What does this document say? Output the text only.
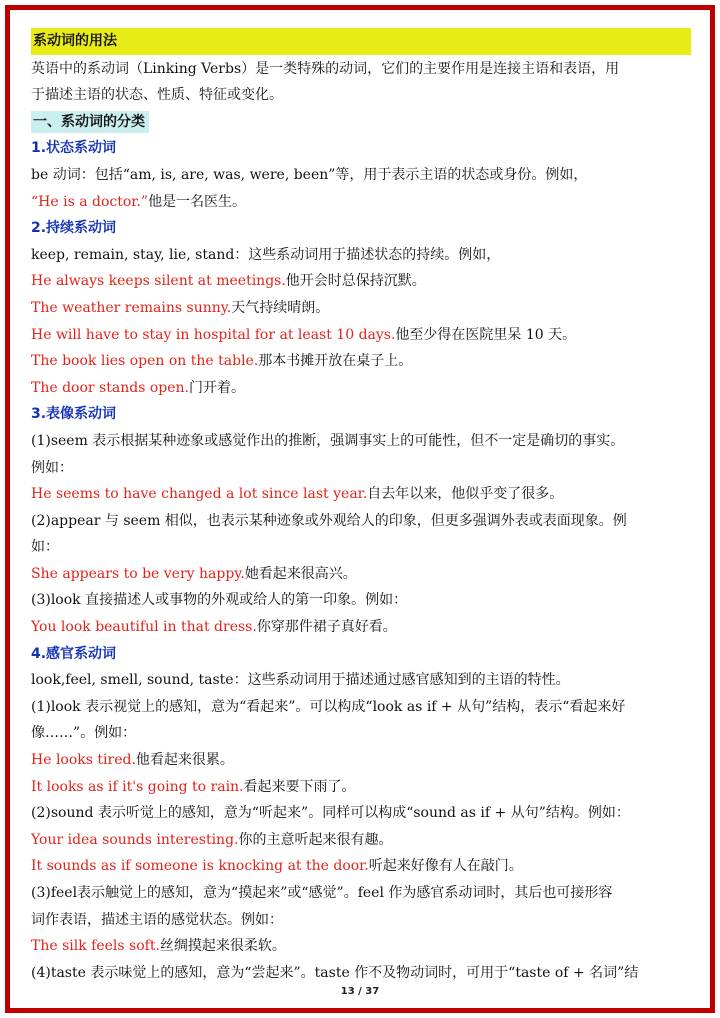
系动词的用法
英语中的系动词（Linking Verbs）是一类特殊的动词，它们的主要作用是连接主语和表语，用
于描述主语的状态、性质、特征或变化。
一、系动词的分类
1.状态系动词
be 动词：包括“am, is, are, was, were, been”等，用于表示主语的状态或身份。例如，
“He is a doctor.”他是一名医生。
2.持续系动词
keep, remain, stay, lie, stand：这些系动词用于描述状态的持续。例如，
He always keeps silent at meetings.他开会时总保持沉默。
The weather remains sunny.天气持续晴朗。
He will have to stay in hospital for at least 10 days.他至少得在医院里呆 10 天。
The book lies open on the table.那本书摊开放在桌子上。
The door stands open.门开着。
3.表像系动词
(1)seem 表示根据某种迹象或感觉作出的推断，强调事实上的可能性，但不一定是确切的事实。
例如：
He seems to have changed a lot since last year.自去年以来，他似乎变了很多。
(2)appear 与 seem 相似，也表示某种迹象或外观给人的印象，但更多强调外表或表面现象。例
如：
She appears to be very happy.她看起来很高兴。
(3)look 直接描述人或事物的外观或给人的第一印象。例如：
You look beautiful in that dress.你穿那件裙子真好看。
4.感官系动词
look,feel, smell, sound, taste：这些系动词用于描述通过感官感知到的主语的特性。
(1)look 表示视觉上的感知，意为“看起来”。可以构成“look as if + 从句”结构，表示“看起来好
像……”。例如：
He looks tired.他看起来很累。
It looks as if it's going to rain.看起来要下雨了。
(2)sound 表示听觉上的感知，意为“听起来”。同样可以构成“sound as if + 从句”结构。例如：
Your idea sounds interesting.你的主意听起来很有趣。
It sounds as if someone is knocking at the door.听起来好像有人在敲门。
(3)feel表示触觉上的感知，意为“摸起来”或“感觉”。feel 作为感官系动词时，其后也可接形容
词作表语，描述主语的感觉状态。例如：
The silk feels soft.丝绸摸起来很柔软。
(4)taste 表示味觉上的感知，意为“尝起来”。taste 作不及物动词时，可用于“taste of + 名词”结
13 / 37
